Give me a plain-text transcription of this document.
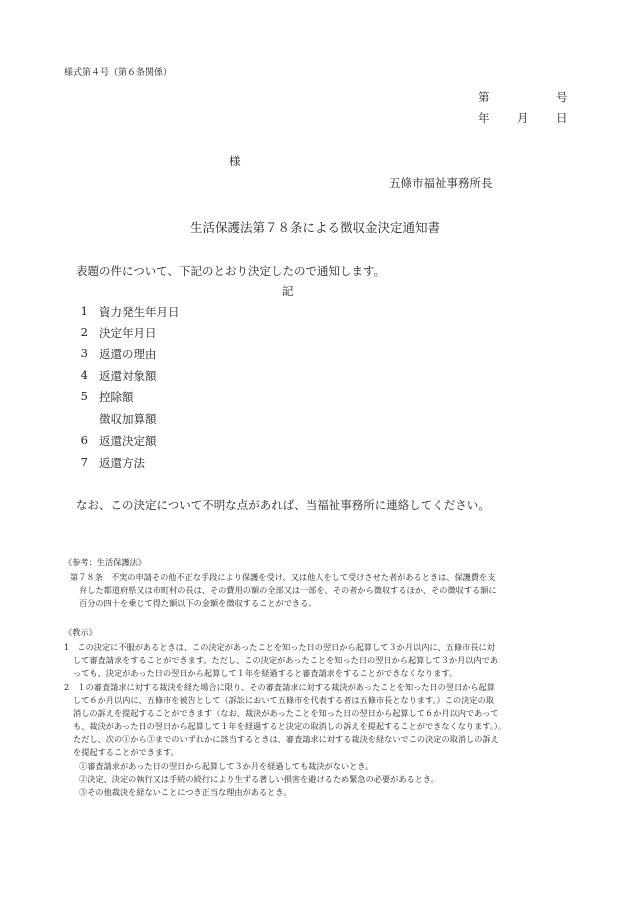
様式第４号（第６条関係）
第	号
年 月 日
様
五條市福祉事務所長
生活保護法第７８条による徴収金決定通知書
表題の件について、下記のとおり決定したので通知します。
記
1 資力発生年月日
2 決定年月日
3 返還の理由
4 返還対象額
5 控除額
徴収加算額
6 返還決定額
7 返還方法
なお、この決定について不明な点があれば、当福祉事務所に連絡してください。
《参考：生活保護法》
第７８条　不実の申請その他不正な手段により保護を受け、又は他人をして受けさせた者があるときは、保護費を支
弁した都道府県又は市町村の長は、その費用の額の全部又は一部を、その者から徴収するほか、その徴収する額に
百分の四十を乗じて得た額以下の金額を徴収することができる。
《教示》
1　この決定に不服があるときは、この決定があったことを知った日の翌日から起算して３か月以内に、五條市長に対
して審査請求をすることができます。ただし、この決定があったことを知った日の翌日から起算して３か月以内であ
っても、決定があった日の翌日から起算して１年を経過すると審査請求をすることができなくなります。
2　１の審査請求に対する裁決を経た場合に限り、その審査請求に対する裁決があったことを知った日の翌日から起算
して６か月以内に、五條市を被告として（訴訟において五條市を代表する者は五條市長となります。）この決定の取
消しの訴えを提起することができます（なお、裁決があったことを知った日の翌日から起算して６か月以内であって
も、裁決があった日の翌日から起算して１年を経過すると決定の取消しの訴えを提起することができなくなります。）。
ただし、次の①から③までのいずれかに該当するときは、審査請求に対する裁決を経ないでこの決定の取消しの訴え
を提起することができます。
①審査請求があった日の翌日から起算して３か月を経過しても裁決がないとき。
②決定、決定の執行又は手続の続行により生ずる著しい損害を避けるため緊急の必要があるとき。
③その他裁決を経ないことにつき正当な理由があるとき。
